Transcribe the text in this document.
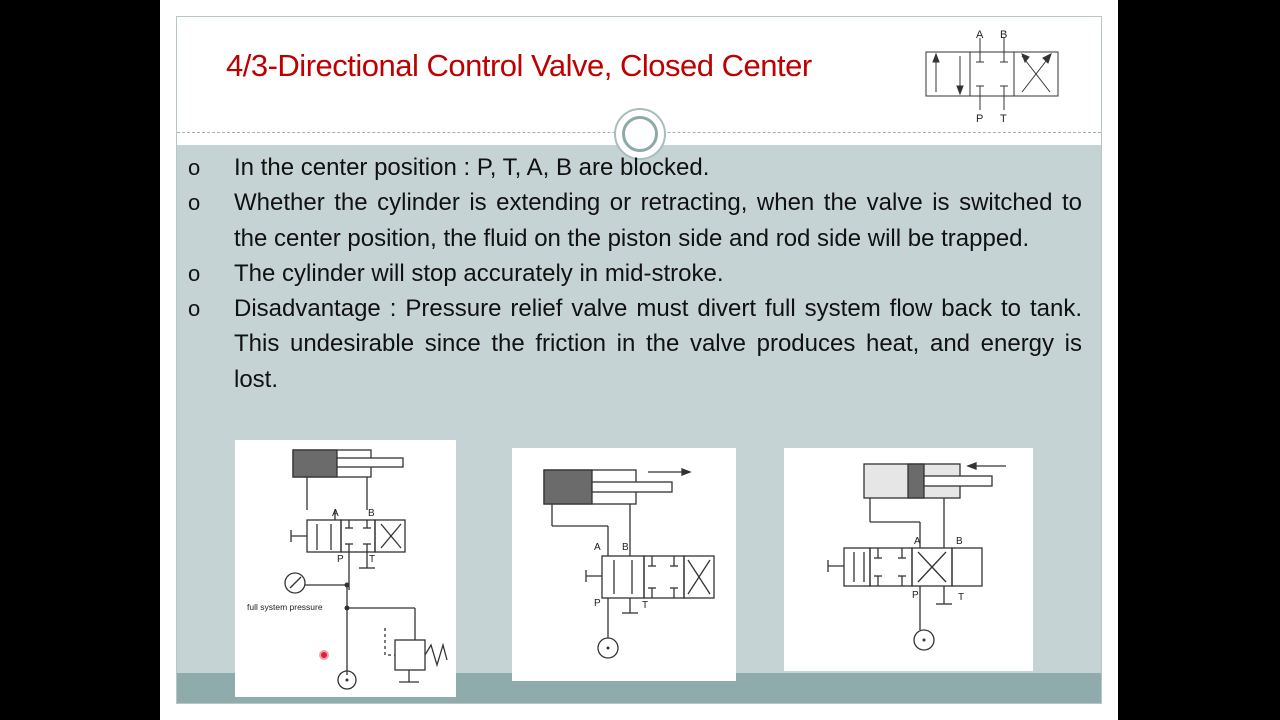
4/3-Directional Control Valve, Closed Center
A B
P T
o In the center position : P, T, A, B are blocked.
o Whether the cylinder is extending or retracting, when the valve is switched to the center position, the fluid on the piston side and rod side will be trapped.
o The cylinder will stop accurately in mid-stroke.
o Disadvantage : Pressure relief valve must divert full system flow back to tank. This undesirable since the friction in the valve produces heat, and energy is lost.
A	B
P	T
full system pressure
A B
P	T
A	B
P	T
